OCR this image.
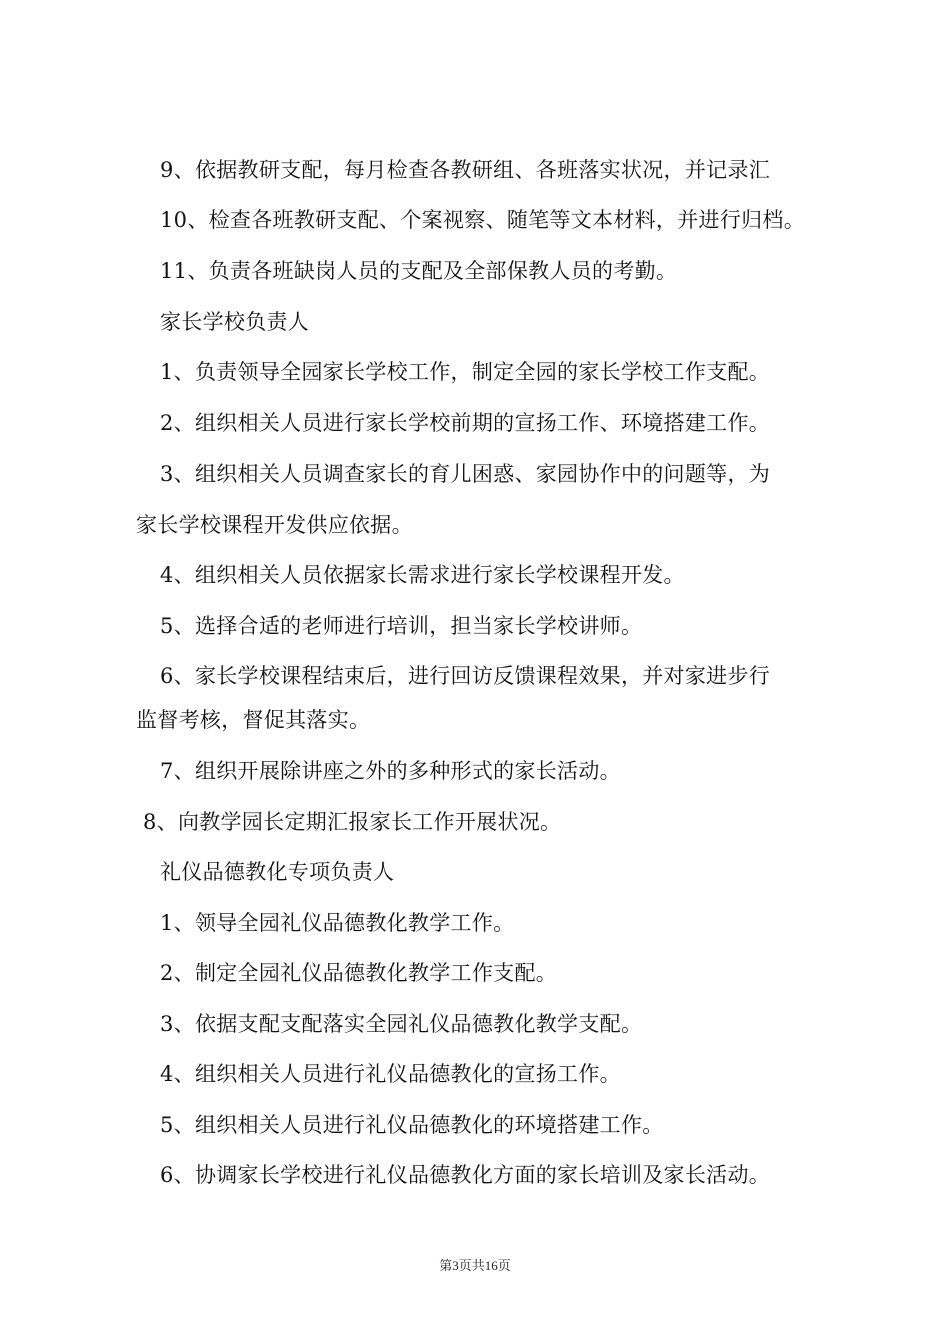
9、依据教研支配，每月检查各教研组、各班落实状况，并记录汇
10、检查各班教研支配、个案视察、随笔等文本材料，并进行归档。
11、负责各班缺岗人员的支配及全部保教人员的考勤。
家长学校负责人
1、负责领导全园家长学校工作，制定全园的家长学校工作支配。
2、组织相关人员进行家长学校前期的宣扬工作、环境搭建工作。
3、组织相关人员调查家长的育儿困惑、家园协作中的问题等，为
家长学校课程开发供应依据。
4、组织相关人员依据家长需求进行家长学校课程开发。
5、选择合适的老师进行培训，担当家长学校讲师。
6、家长学校课程结束后，进行回访反馈课程效果，并对家进步行
监督考核，督促其落实。
7、组织开展除讲座之外的多种形式的家长活动。
8、向教学园长定期汇报家长工作开展状况。
礼仪品德教化专项负责人
1、领导全园礼仪品德教化教学工作。
2、制定全园礼仪品德教化教学工作支配。
3、依据支配支配落实全园礼仪品德教化教学支配。
4、组织相关人员进行礼仪品德教化的宣扬工作。
5、组织相关人员进行礼仪品德教化的环境搭建工作。
6、协调家长学校进行礼仪品德教化方面的家长培训及家长活动。
第3页共16页
